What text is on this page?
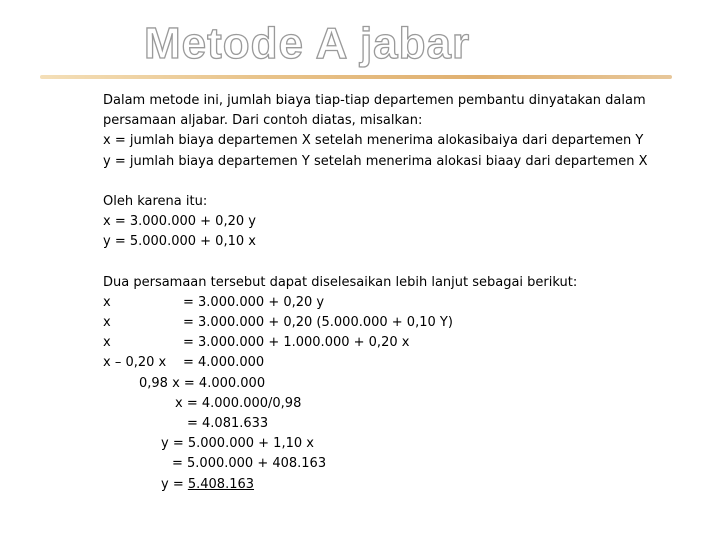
Metode A jabar
Dalam metode ini, jumlah biaya tiap-tiap departemen pembantu dinyatakan dalam
persamaan aljabar. Dari contoh diatas, misalkan:
x = jumlah biaya departemen X setelah menerima alokasibaiya dari departemen Y
y = jumlah biaya departemen Y setelah menerima alokasi biaay dari departemen X
Oleh karena itu:
x = 3.000.000 + 0,20 y
y = 5.000.000 + 0,10 x
Dua persamaan tersebut dapat diselesaikan lebih lanjut sebagai berikut:
x	= 3.000.000 + 0,20 y
x	= 3.000.000 + 0,20 (5.000.000 + 0,10 Y)
x	= 3.000.000 + 1.000.000 + 0,20 x
x – 0,20 x = 4.000.000
0,98 x = 4.000.000
x = 4.000.000/0,98
= 4.081.633
y = 5.000.000 + 1,10 x
= 5.000.000 + 408.163
y = 5.408.163
